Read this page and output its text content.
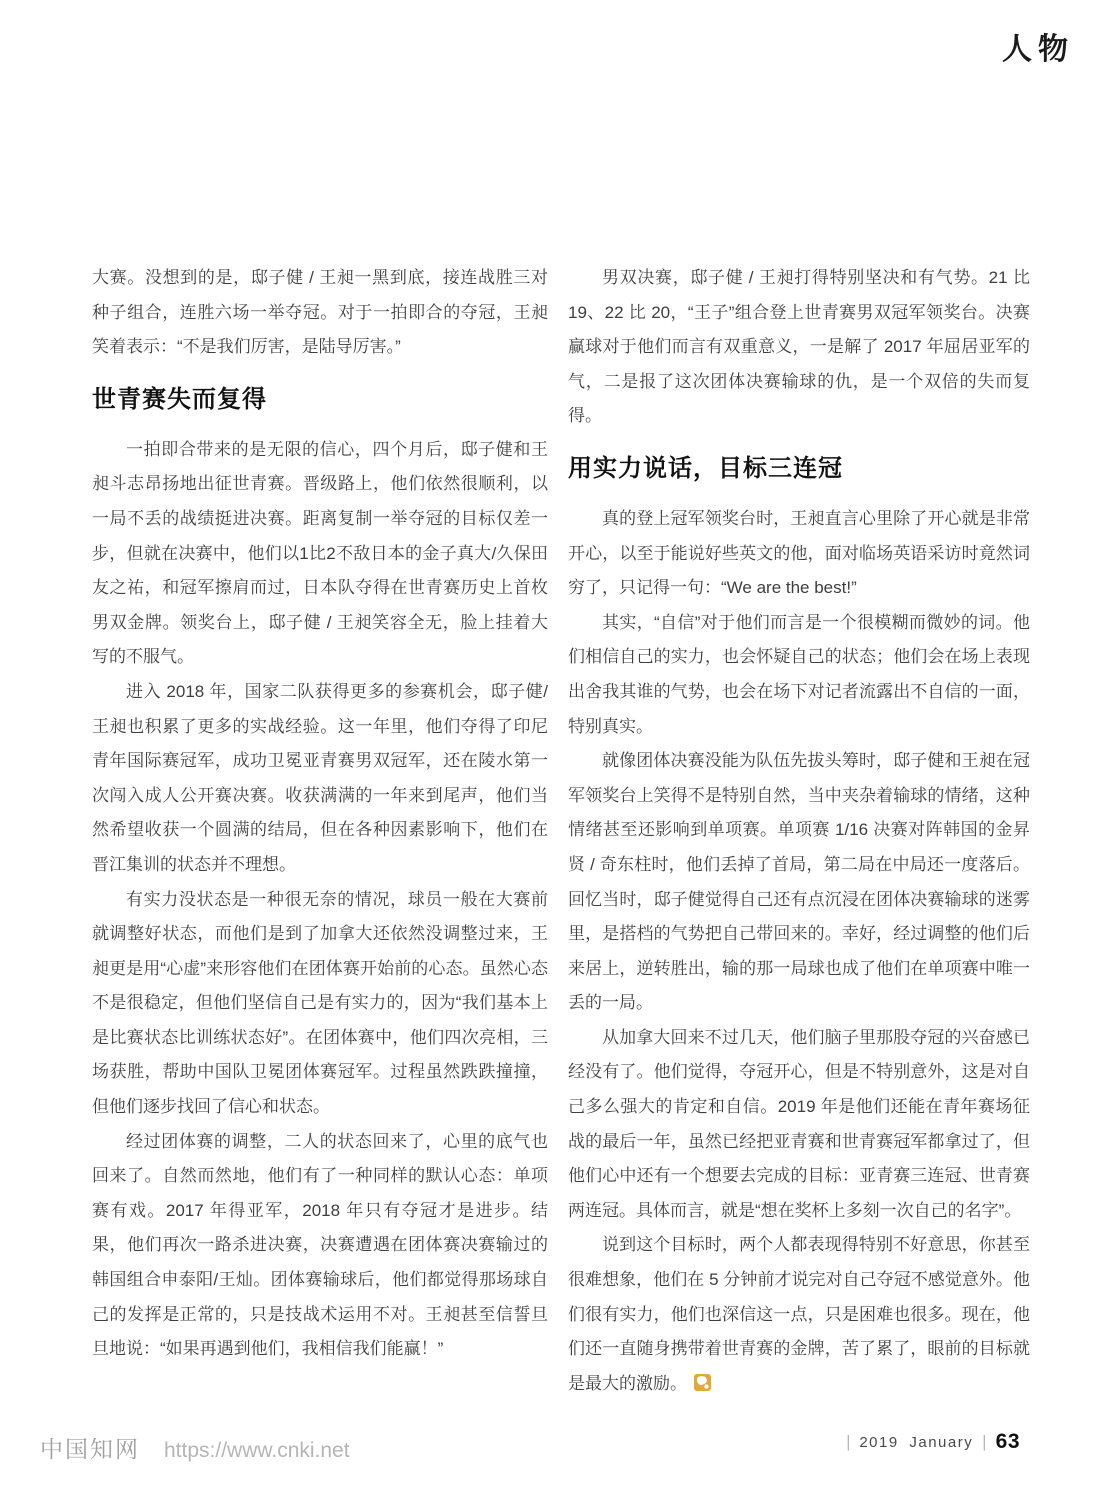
人物

大赛。没想到的是，邸子健 / 王昶一黑到底，接连战胜三对种子组合，连胜六场一举夺冠。对于一拍即合的夺冠，王昶笑着表示：“不是我们厉害，是陆导厉害。”

世青赛失而复得

一拍即合带来的是无限的信心，四个月后，邸子健和王昶斗志昂扬地出征世青赛。晋级路上，他们依然很顺利，以一局不丢的战绩挺进决赛。距离复制一举夺冠的目标仅差一步，但就在决赛中，他们以1比2不敌日本的金子真大/久保田友之祐，和冠军擦肩而过，日本队夺得在世青赛历史上首枚男双金牌。领奖台上，邸子健 / 王昶笑容全无，脸上挂着大写的不服气。

进入 2018 年，国家二队获得更多的参赛机会，邸子健/王昶也积累了更多的实战经验。这一年里，他们夺得了印尼青年国际赛冠军，成功卫冕亚青赛男双冠军，还在陵水第一次闯入成人公开赛决赛。收获满满的一年来到尾声，他们当然希望收获一个圆满的结局，但在各种因素影响下，他们在晋江集训的状态并不理想。

有实力没状态是一种很无奈的情况，球员一般在大赛前就调整好状态，而他们是到了加拿大还依然没调整过来，王昶更是用“心虚”来形容他们在团体赛开始前的心态。虽然心态不是很稳定，但他们坚信自己是有实力的，因为“我们基本上是比赛状态比训练状态好”。在团体赛中，他们四次亮相，三场获胜，帮助中国队卫冕团体赛冠军。过程虽然跌跌撞撞，但他们逐步找回了信心和状态。

经过团体赛的调整，二人的状态回来了，心里的底气也回来了。自然而然地，他们有了一种同样的默认心态：单项赛有戏。2017 年得亚军，2018 年只有夺冠才是进步。结果，他们再次一路杀进决赛，决赛遭遇在团体赛决赛输过的韩国组合申泰阳/王灿。团体赛输球后，他们都觉得那场球自己的发挥是正常的，只是技战术运用不对。王昶甚至信誓旦旦地说：“如果再遇到他们，我相信我们能赢！”

男双决赛，邸子健 / 王昶打得特别坚决和有气势。21 比 19、22 比 20，“王子”组合登上世青赛男双冠军领奖台。决赛赢球对于他们而言有双重意义，一是解了 2017 年屈居亚军的气，二是报了这次团体决赛输球的仇，是一个双倍的失而复得。

用实力说话，目标三连冠

真的登上冠军领奖台时，王昶直言心里除了开心就是非常开心，以至于能说好些英文的他，面对临场英语采访时竟然词穷了，只记得一句：“We are the best!”

其实，“自信”对于他们而言是一个很模糊而微妙的词。他们相信自己的实力，也会怀疑自己的状态；他们会在场上表现出舍我其谁的气势，也会在场下对记者流露出不自信的一面，特别真实。

就像团体决赛没能为队伍先拔头筹时，邸子健和王昶在冠军领奖台上笑得不是特别自然，当中夹杂着输球的情绪，这种情绪甚至还影响到单项赛。单项赛 1/16 决赛对阵韩国的金昇贤 / 奇东柱时，他们丢掉了首局，第二局在中局还一度落后。回忆当时，邸子健觉得自己还有点沉浸在团体决赛输球的迷雾里，是搭档的气势把自己带回来的。幸好，经过调整的他们后来居上，逆转胜出，输的那一局球也成了他们在单项赛中唯一丢的一局。

从加拿大回来不过几天，他们脑子里那股夺冠的兴奋感已经没有了。他们觉得，夺冠开心，但是不特别意外，这是对自己多么强大的肯定和自信。2019 年是他们还能在青年赛场征战的最后一年，虽然已经把亚青赛和世青赛冠军都拿过了，但他们心中还有一个想要去完成的目标：亚青赛三连冠、世青赛两连冠。具体而言，就是“想在奖杯上多刻一次自己的名字”。

说到这个目标时，两个人都表现得特别不好意思，你甚至很难想象，他们在 5 分钟前才说完对自己夺冠不感觉意外。他们很有实力，他们也深信这一点，只是困难也很多。现在，他们还一直随身携带着世青赛的金牌，苦了累了，眼前的目标就是最大的激励。

中国知网 https://www.cnki.net	| 2019 January | 63
